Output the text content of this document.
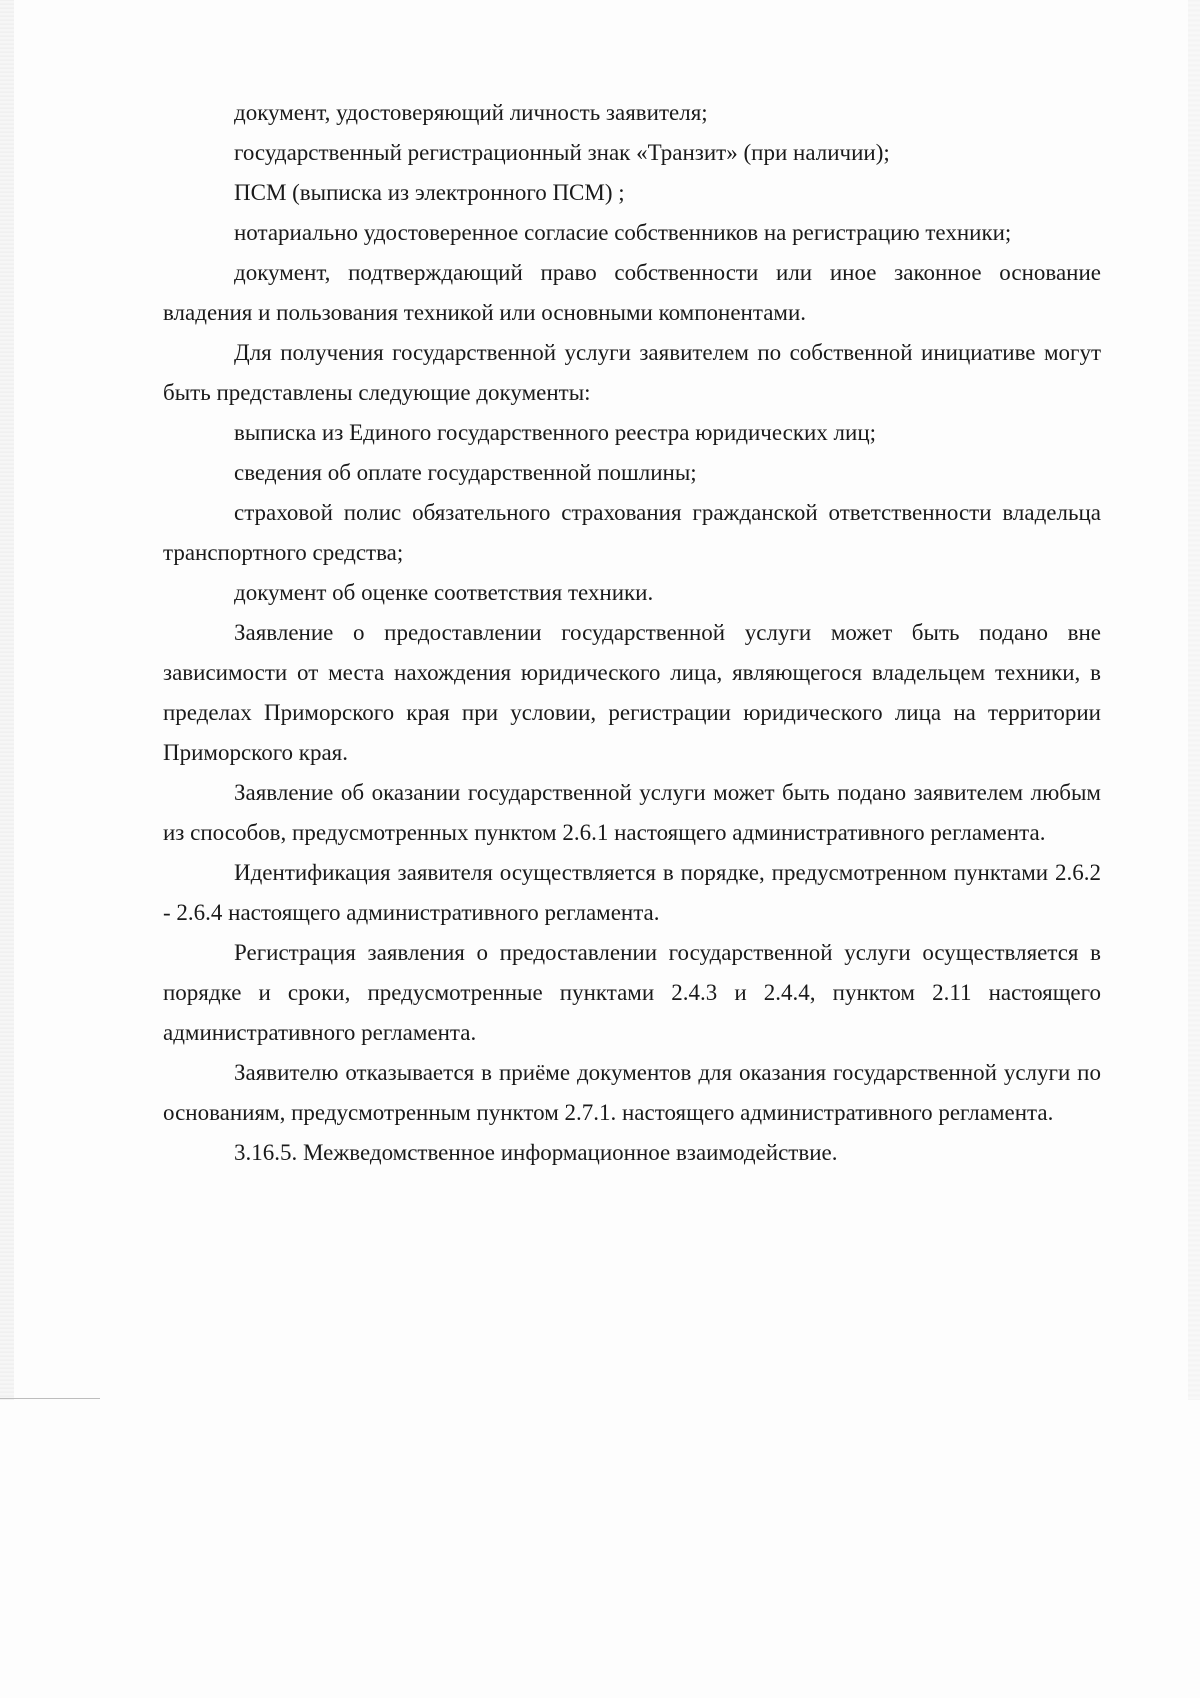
документ, удостоверяющий личность заявителя;

государственный регистрационный знак «Транзит» (при наличии);

ПСМ (выписка из электронного ПСМ) ;

нотариально удостоверенное согласие собственников на регистрацию техники;

документ, подтверждающий право собственности или иное законное основание владения и пользования техникой или основными компонентами.

Для получения государственной услуги заявителем по собственной инициативе могут быть представлены следующие документы:

выписка из Единого государственного реестра юридических лиц;

сведения об оплате государственной пошлины;

страховой полис обязательного страхования гражданской ответственности владельца транспортного средства;

документ об оценке соответствия техники.

Заявление о предоставлении государственной услуги может быть подано вне зависимости от места нахождения юридического лица, являющегося владельцем техники, в пределах Приморского края при условии, регистрации юридического лица на территории Приморского края.

Заявление об оказании государственной услуги может быть подано заявителем любым из способов, предусмотренных пунктом 2.6.1 настоящего административного регламента.

Идентификация заявителя осуществляется в порядке, предусмотренном пунктами 2.6.2 - 2.6.4 настоящего административного регламента.

Регистрация заявления о предоставлении государственной услуги осуществляется в порядке и сроки, предусмотренные пунктами 2.4.3 и 2.4.4, пунктом 2.11 настоящего административного регламента.

Заявителю отказывается в приёме документов для оказания государственной услуги по основаниям, предусмотренным пунктом 2.7.1. настоящего административного регламента.

3.16.5. Межведомственное информационное взаимодействие.
